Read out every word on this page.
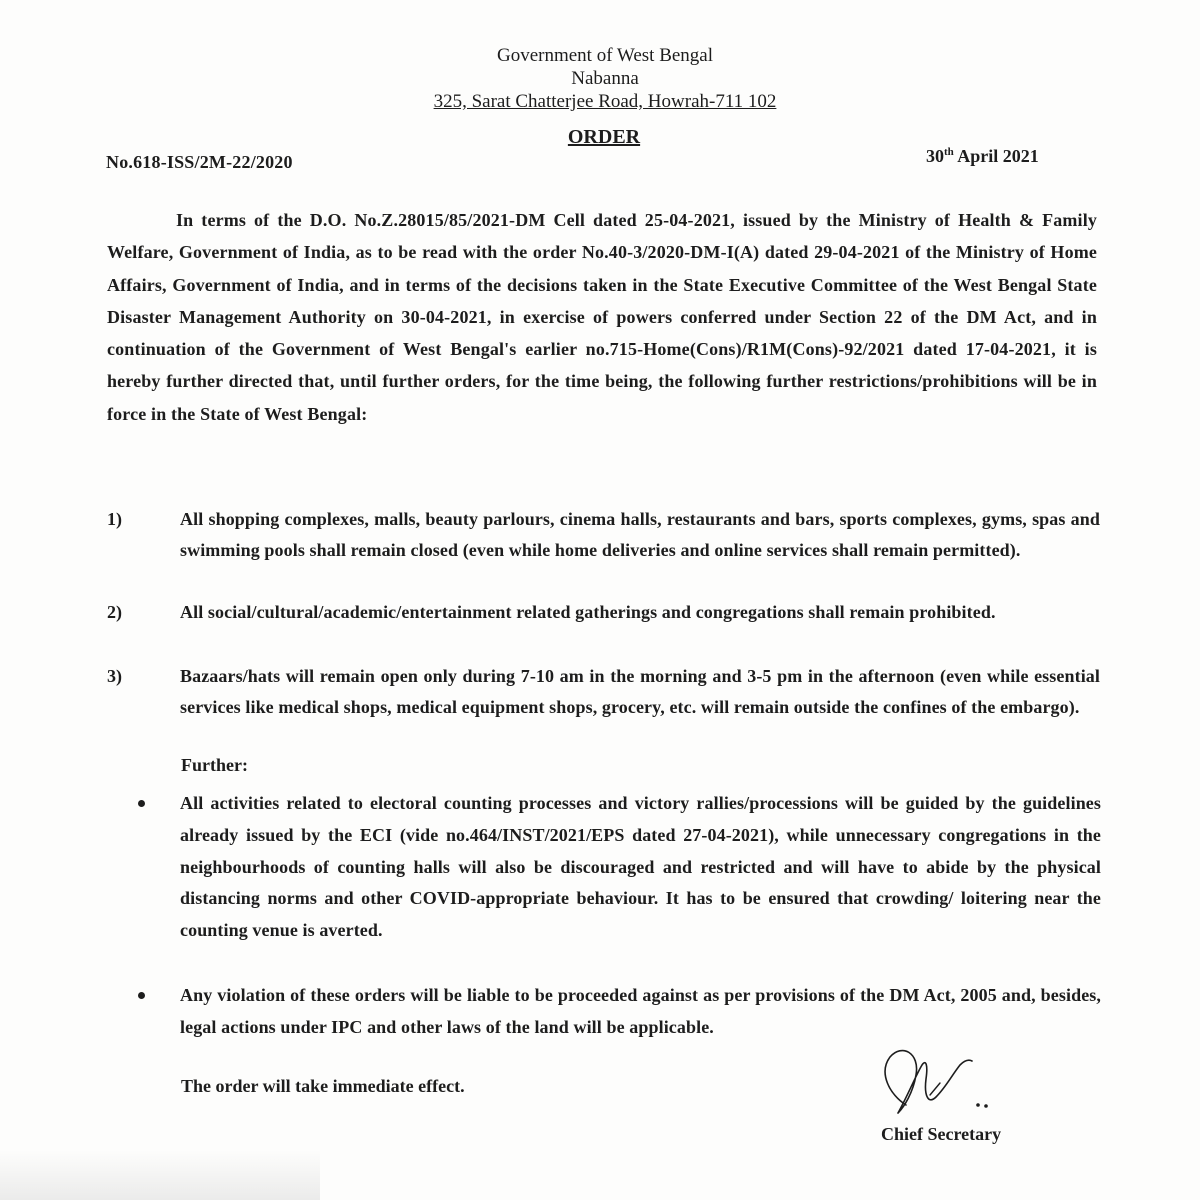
Government of West Bengal
Nabanna
325, Sarat Chatterjee Road, Howrah-711 102
ORDER
No.618-ISS/2M-22/2020	30th April 2021
In terms of the D.O. No.Z.28015/85/2021-DM Cell dated 25-04-2021, issued by the Ministry of Health & Family Welfare, Government of India, as to be read with the order No.40-3/2020-DM-I(A) dated 29-04-2021 of the Ministry of Home Affairs, Government of India, and in terms of the decisions taken in the State Executive Committee of the West Bengal State Disaster Management Authority on 30-04-2021, in exercise of powers conferred under Section 22 of the DM Act, and in continuation of the Government of West Bengal's earlier no.715-Home(Cons)/R1M(Cons)-92/2021 dated 17-04-2021, it is hereby further directed that, until further orders, for the time being, the following further restrictions/prohibitions will be in force in the State of West Bengal:
1)	All shopping complexes, malls, beauty parlours, cinema halls, restaurants and bars, sports complexes, gyms, spas and swimming pools shall remain closed (even while home deliveries and online services shall remain permitted).
2)	All social/cultural/academic/entertainment related gatherings and congregations shall remain prohibited.
3)	Bazaars/hats will remain open only during 7-10 am in the morning and 3-5 pm in the afternoon (even while essential services like medical shops, medical equipment shops, grocery, etc. will remain outside the confines of the embargo).
Further:
All activities related to electoral counting processes and victory rallies/processions will be guided by the guidelines already issued by the ECI (vide no.464/INST/2021/EPS dated 27-04-2021), while unnecessary congregations in the neighbourhoods of counting halls will also be discouraged and restricted and will have to abide by the physical distancing norms and other COVID-appropriate behaviour. It has to be ensured that crowding/ loitering near the counting venue is averted.
Any violation of these orders will be liable to be proceeded against as per provisions of the DM Act, 2005 and, besides, legal actions under IPC and other laws of the land will be applicable.
The order will take immediate effect.
Chief Secretary
